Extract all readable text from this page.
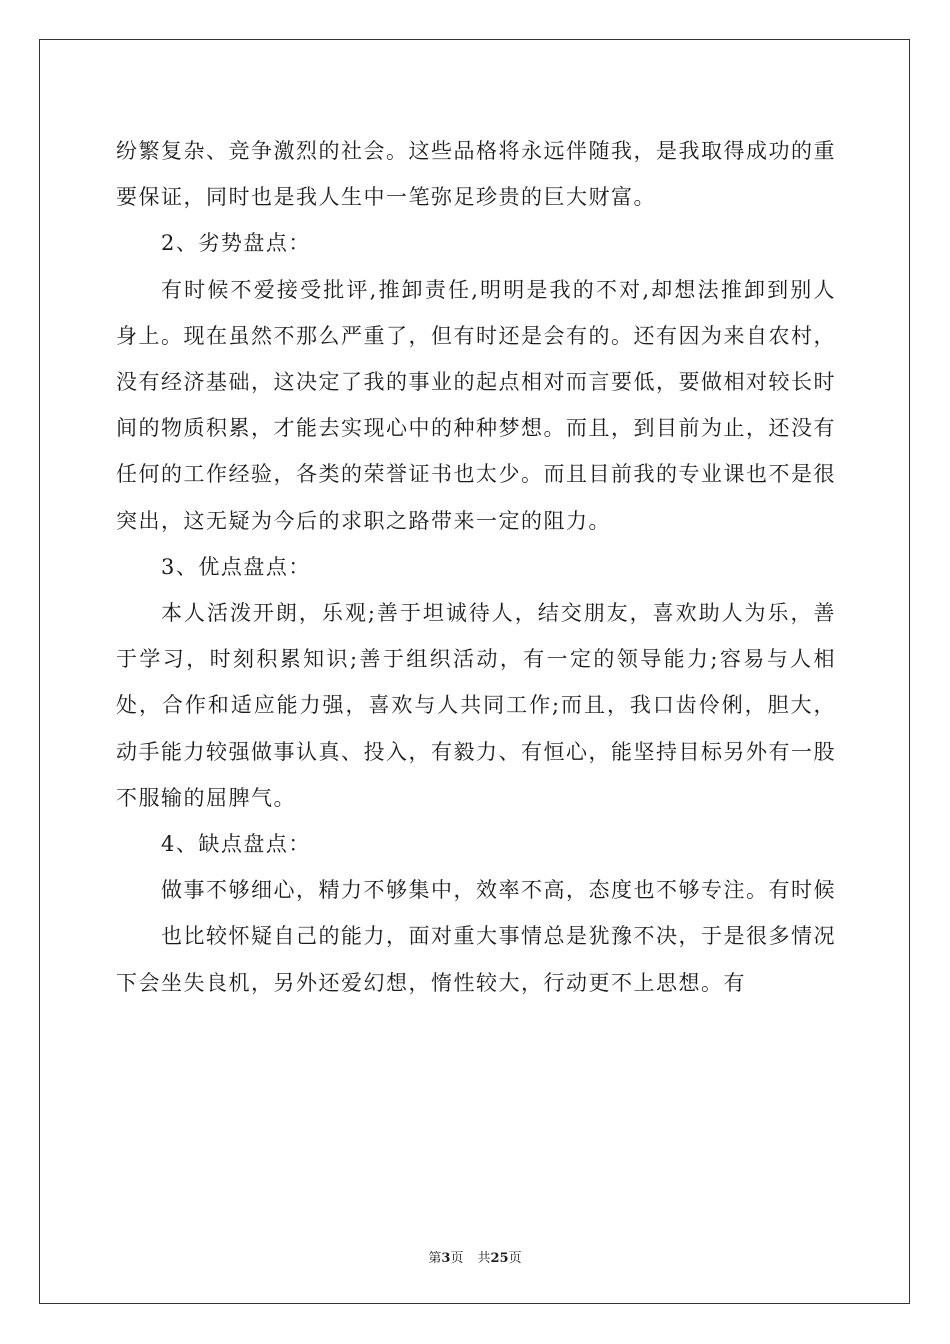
纷繁复杂、竞争激烈的社会。这些品格将永远伴随我，是我取得成功的重要保证，同时也是我人生中一笔弥足珍贵的巨大财富。

2、劣势盘点：

有时候不爱接受批评,推卸责任,明明是我的不对,却想法推卸到别人身上。现在虽然不那么严重了，但有时还是会有的。还有因为来自农村，没有经济基础，这决定了我的事业的起点相对而言要低，要做相对较长时间的物质积累，才能去实现心中的种种梦想。而且，到目前为止，还没有任何的工作经验，各类的荣誉证书也太少。而且目前我的专业课也不是很突出，这无疑为今后的求职之路带来一定的阻力。

3、优点盘点：

本人活泼开朗，乐观;善于坦诚待人，结交朋友，喜欢助人为乐，善于学习，时刻积累知识;善于组织活动，有一定的领导能力;容易与人相处，合作和适应能力强，喜欢与人共同工作;而且，我口齿伶俐，胆大，动手能力较强做事认真、投入，有毅力、有恒心，能坚持目标另外有一股不服输的屈脾气。

4、缺点盘点：

做事不够细心，精力不够集中，效率不高，态度也不够专注。有时候

也比较怀疑自己的能力，面对重大事情总是犹豫不决，于是很多情况下会坐失良机，另外还爱幻想，惰性较大，行动更不上思想。有

第3页 共25页
